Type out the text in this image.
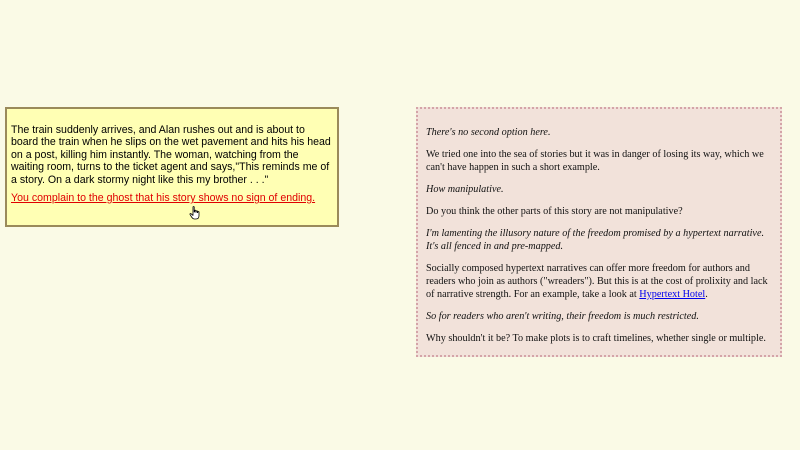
The train suddenly arrives, and Alan rushes out and is about to board the train when he slips on the wet pavement and hits his head on a post, killing him instantly. The woman, watching from the waiting room, turns to the ticket agent and says,"This reminds me of a story. On a dark stormy night like this my brother . . ."

You complain to the ghost that his story shows no sign of ending.

There's no second option here.

We tried one into the sea of stories but it was in danger of losing its way, which we can't have happen in such a short example.

How manipulative.

Do you think the other parts of this story are not manipulative?

I'm lamenting the illusory nature of the freedom promised by a hypertext narrative. It's all fenced in and pre-mapped.

Socially composed hypertext narratives can offer more freedom for authors and readers who join as authors ("wreaders"). But this is at the cost of prolixity and lack of narrative strength. For an example, take a look at Hypertext Hotel.

So for readers who aren't writing, their freedom is much restricted.

Why shouldn't it be? To make plots is to craft timelines, whether single or multiple.
